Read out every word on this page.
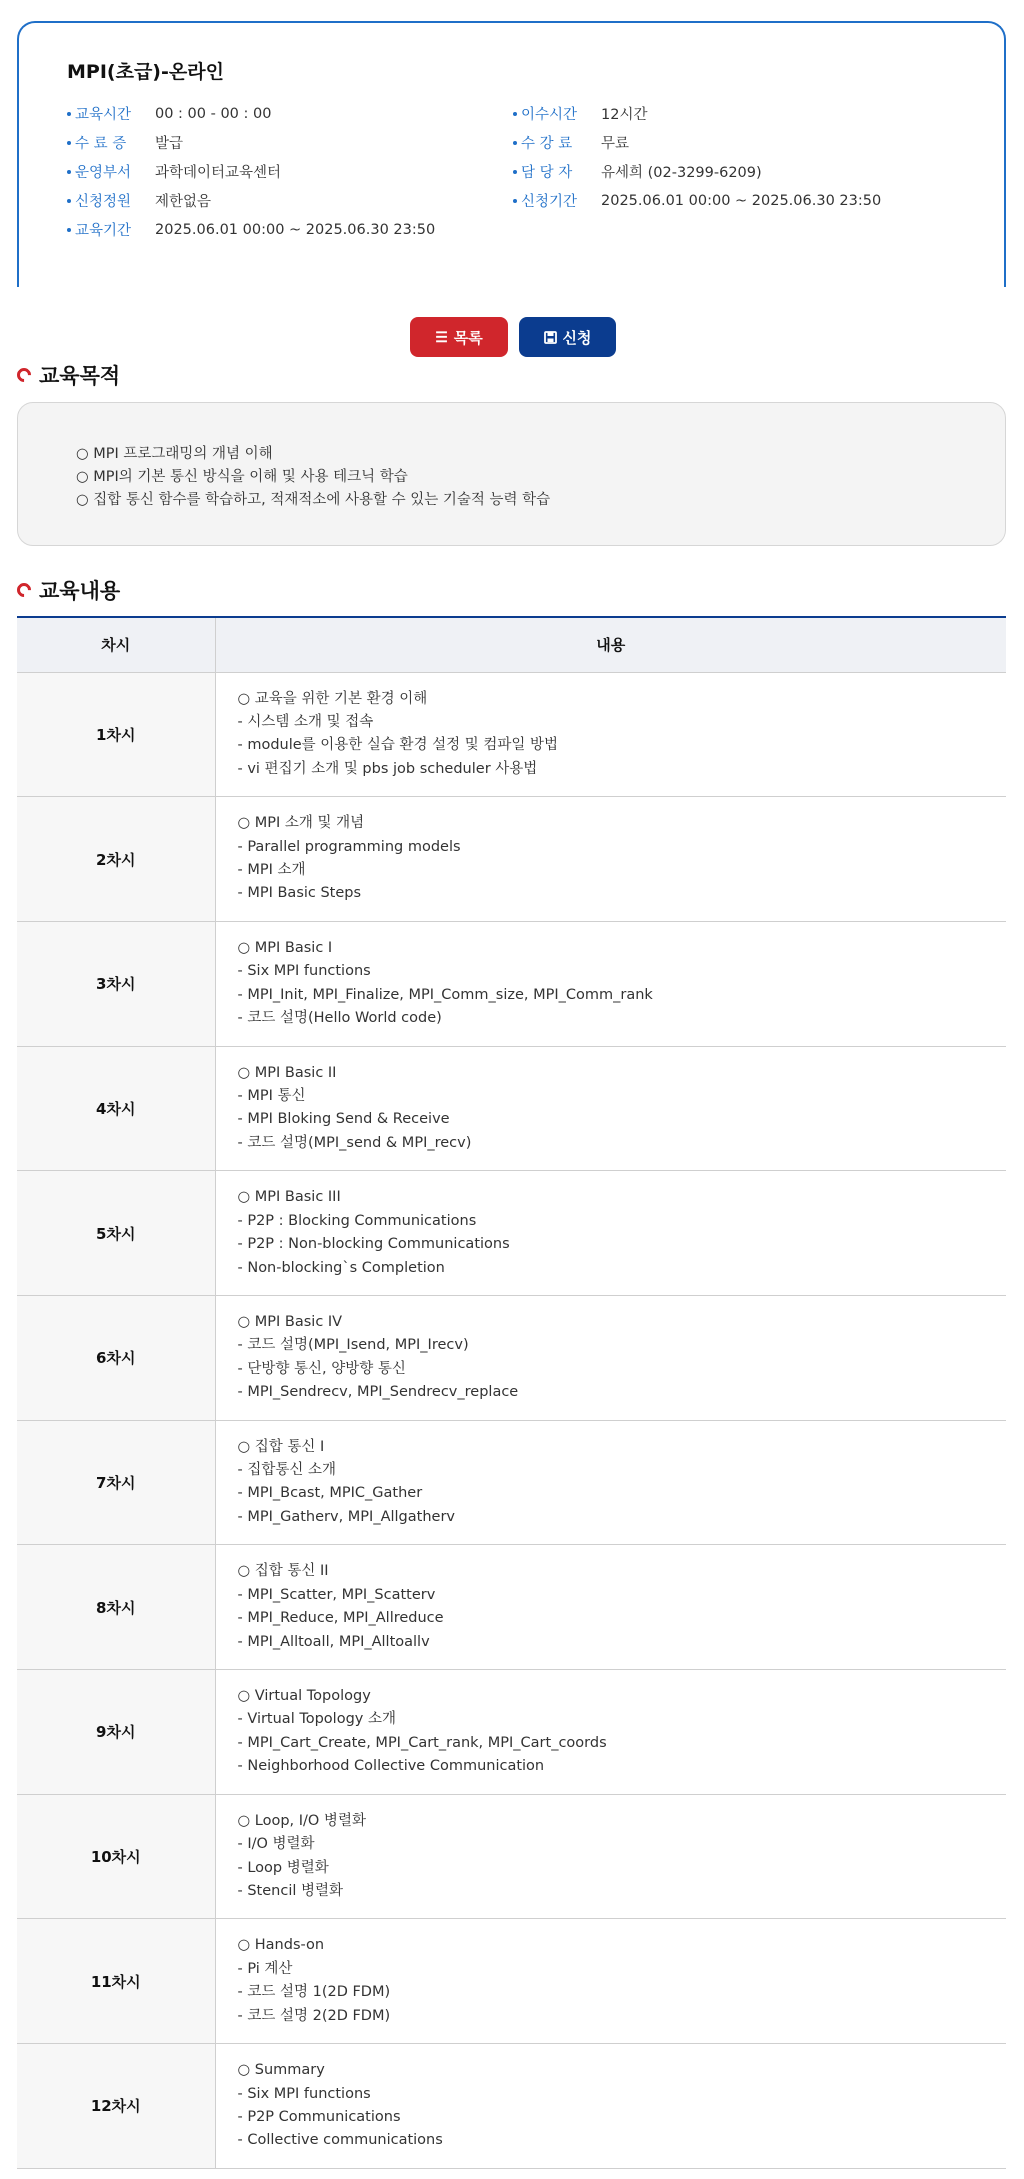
MPI(초급)-온라인
교육시간	00 : 00 - 00 : 00
수 료 증	발급
운영부서	과학데이터교육센터
신청정원	제한없음
교육기간	2025.06.01 00:00 ~ 2025.06.30 23:50
이수시간	12시간
수 강 료	무료
담 당 자	유세희 (02-3299-6209)
신청기간	2025.06.01 00:00 ~ 2025.06.30 23:50
☰ 목록	신청
교육목적
○ MPI 프로그래밍의 개념 이해
○ MPI의 기본 통신 방식을 이해 및 사용 테크닉 학습
○ 집합 통신 함수를 학습하고, 적재적소에 사용할 수 있는 기술적 능력 학습
교육내용
차시	내용
1차시	○ 교육을 위한 기본 환경 이해
- 시스템 소개 및 접속
- module를 이용한 실습 환경 설정 및 컴파일 방법
- vi 편집기 소개 및 pbs job scheduler 사용법

2차시	○ MPI 소개 및 개념
- Parallel programming models
- MPI 소개
- MPI Basic Steps

3차시	○ MPI Basic I
- Six MPI functions
- MPI_Init, MPI_Finalize, MPI_Comm_size, MPI_Comm_rank
- 코드 설명(Hello World code)

4차시	○ MPI Basic II
- MPI 통신
- MPI Bloking Send & Receive
- 코드 설명(MPI_send & MPI_recv)

5차시	○ MPI Basic III
- P2P : Blocking Communications
- P2P : Non-blocking Communications
- Non-blocking`s Completion

6차시	○ MPI Basic IV
- 코드 설명(MPI_Isend, MPI_Irecv)
- 단방향 통신, 양방향 통신
- MPI_Sendrecv, MPI_Sendrecv_replace

7차시	○ 집합 통신 I
- 집합통신 소개
- MPI_Bcast, MPIC_Gather
- MPI_Gatherv, MPI_Allgatherv

8차시	○ 집합 통신 II
- MPI_Scatter, MPI_Scatterv
- MPI_Reduce, MPI_Allreduce
- MPI_Alltoall, MPI_Alltoallv

9차시	○ Virtual Topology
- Virtual Topology 소개
- MPI_Cart_Create, MPI_Cart_rank, MPI_Cart_coords
- Neighborhood Collective Communication

10차시	○ Loop, I/O 병렬화
- I/O 병렬화
- Loop 병렬화
- Stencil 병렬화

11차시	○ Hands-on
- Pi 계산
- 코드 설명 1(2D FDM)
- 코드 설명 2(2D FDM)

12차시	○ Summary
- Six MPI functions
- P2P Communications
- Collective communications
